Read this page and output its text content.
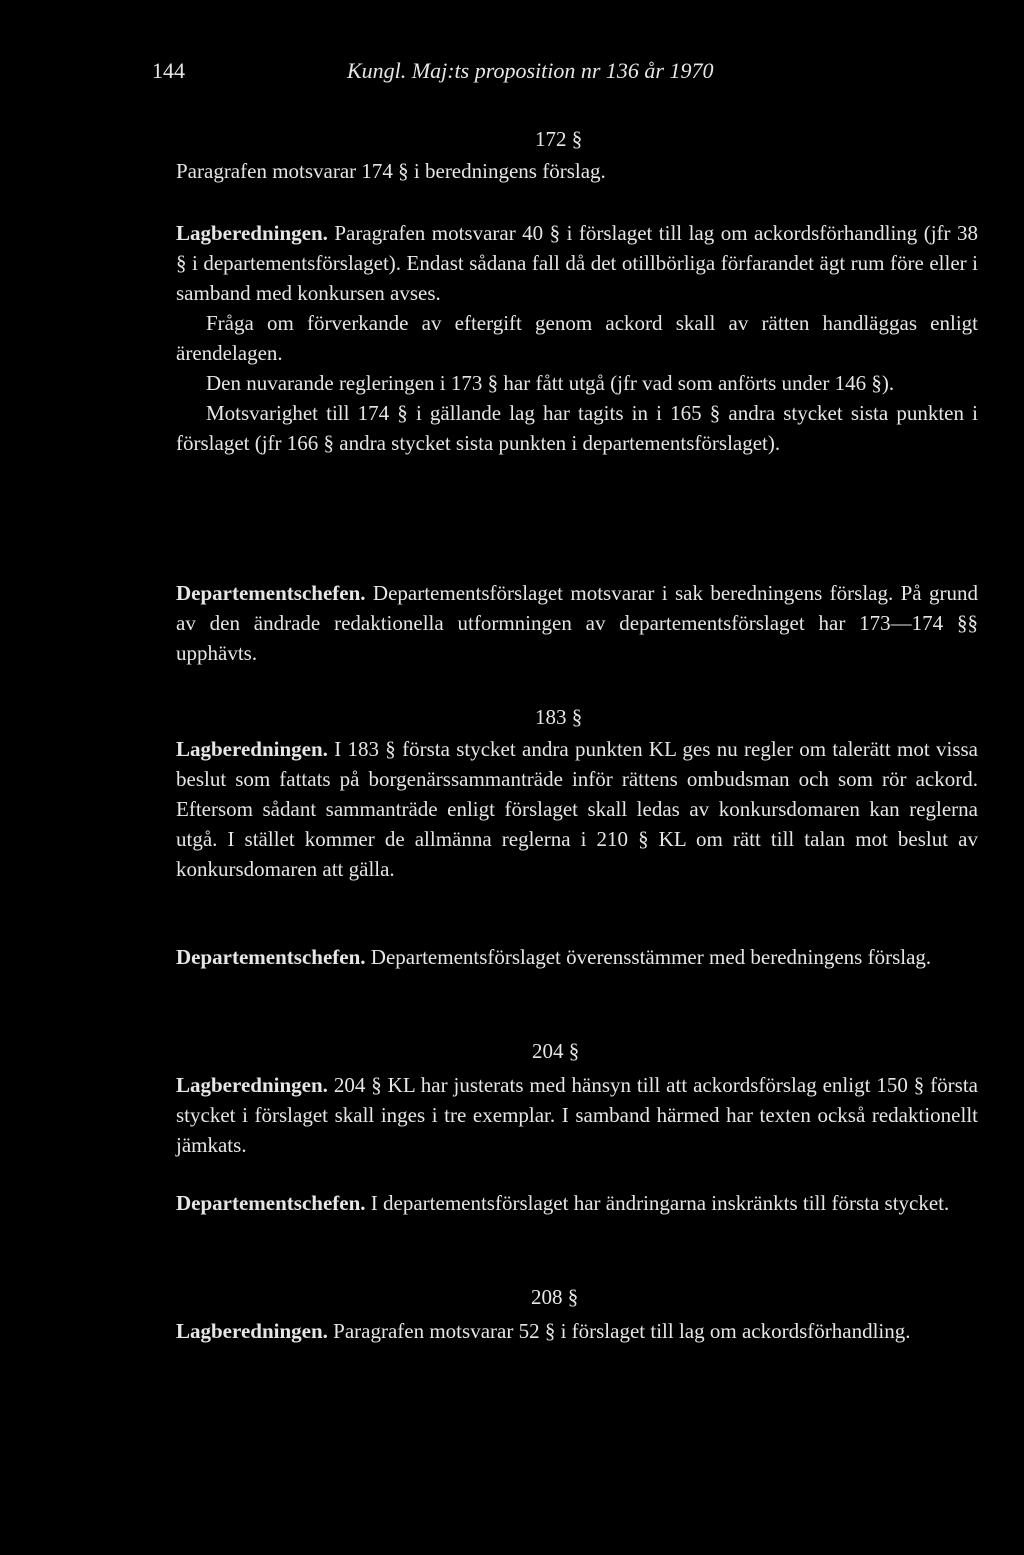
144	Kungl. Maj:ts proposition nr 136 år 1970
172 §

Paragrafen motsvarar 174 § i beredningens förslag.

Lagberedningen. Paragrafen motsvarar 40 § i förslaget till lag om ackordsförhandling (jfr 38 § i departementsförslaget). Endast sådana fall då det otillbörliga förfarandet ägt rum före eller i samband med konkursen avses.

Fråga om förverkande av eftergift genom ackord skall av rätten handläggas enligt ärendelagen.

Den nuvarande regleringen i 173 § har fått utgå (jfr vad som anförts under 146 §).

Motsvarighet till 174 § i gällande lag har tagits in i 165 § andra stycket sista punkten i förslaget (jfr 166 § andra stycket sista punkten i departementsförslaget).

Departementschefen. Departementsförslaget motsvarar i sak beredningens förslag. På grund av den ändrade redaktionella utformningen av departementsförslaget har 173—174 §§ upphävts.

183 §

Lagberedningen. I 183 § första stycket andra punkten KL ges nu regler om talerätt mot vissa beslut som fattats på borgenärssammanträde inför rättens ombudsman och som rör ackord. Eftersom sådant sammanträde enligt förslaget skall ledas av konkursdomaren kan reglerna utgå. I stället kommer de allmänna reglerna i 210 § KL om rätt till talan mot beslut av konkursdomaren att gälla.

Departementschefen. Departementsförslaget överensstämmer med beredningens förslag.

204 §

Lagberedningen. 204 § KL har justerats med hänsyn till att ackordsförslag enligt 150 § första stycket i förslaget skall inges i tre exemplar. I samband härmed har texten också redaktionellt jämkats.

Departementschefen. I departementsförslaget har ändringarna inskränkts till första stycket.

208 §

Lagberedningen. Paragrafen motsvarar 52 § i förslaget till lag om ackordsförhandling.
